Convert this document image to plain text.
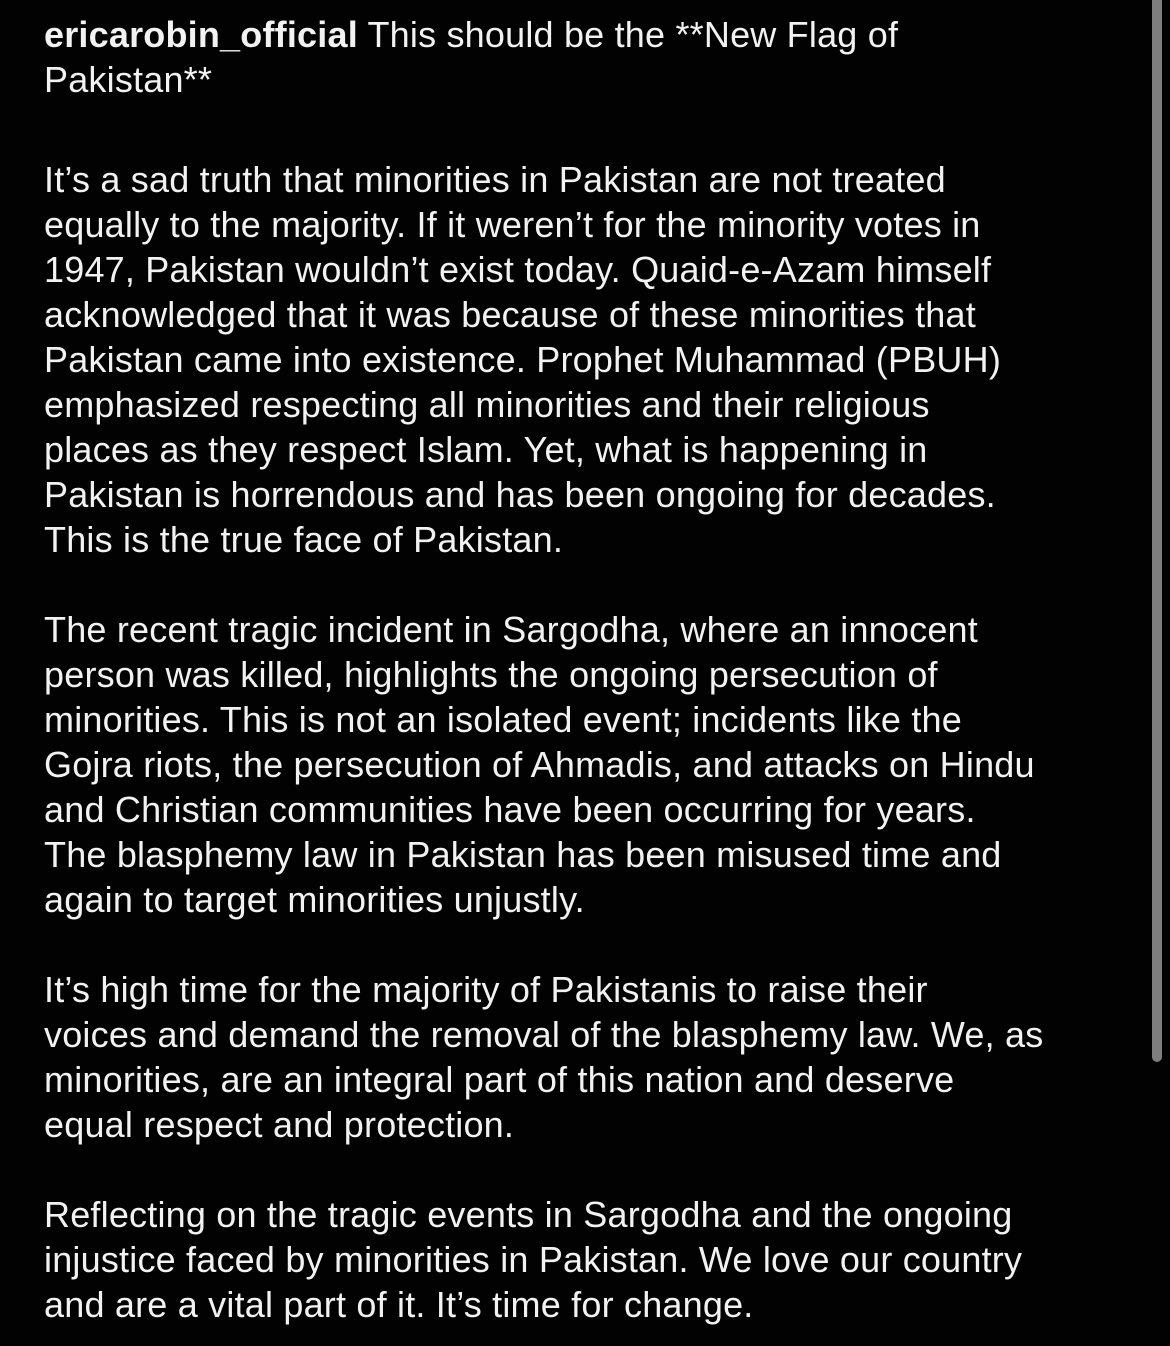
ericarobin_official This should be the **New Flag of
Pakistan**
It’s a sad truth that minorities in Pakistan are not treated
equally to the majority. If it weren’t for the minority votes in
1947, Pakistan wouldn’t exist today. Quaid-e-Azam himself
acknowledged that it was because of these minorities that
Pakistan came into existence. Prophet Muhammad (PBUH)
emphasized respecting all minorities and their religious
places as they respect Islam. Yet, what is happening in
Pakistan is horrendous and has been ongoing for decades.
This is the true face of Pakistan.
The recent tragic incident in Sargodha, where an innocent
person was killed, highlights the ongoing persecution of
minorities. This is not an isolated event; incidents like the
Gojra riots, the persecution of Ahmadis, and attacks on Hindu
and Christian communities have been occurring for years.
The blasphemy law in Pakistan has been misused time and
again to target minorities unjustly.
It’s high time for the majority of Pakistanis to raise their
voices and demand the removal of the blasphemy law. We, as
minorities, are an integral part of this nation and deserve
equal respect and protection.
Reflecting on the tragic events in Sargodha and the ongoing
injustice faced by minorities in Pakistan. We love our country
and are a vital part of it. It’s time for change.
